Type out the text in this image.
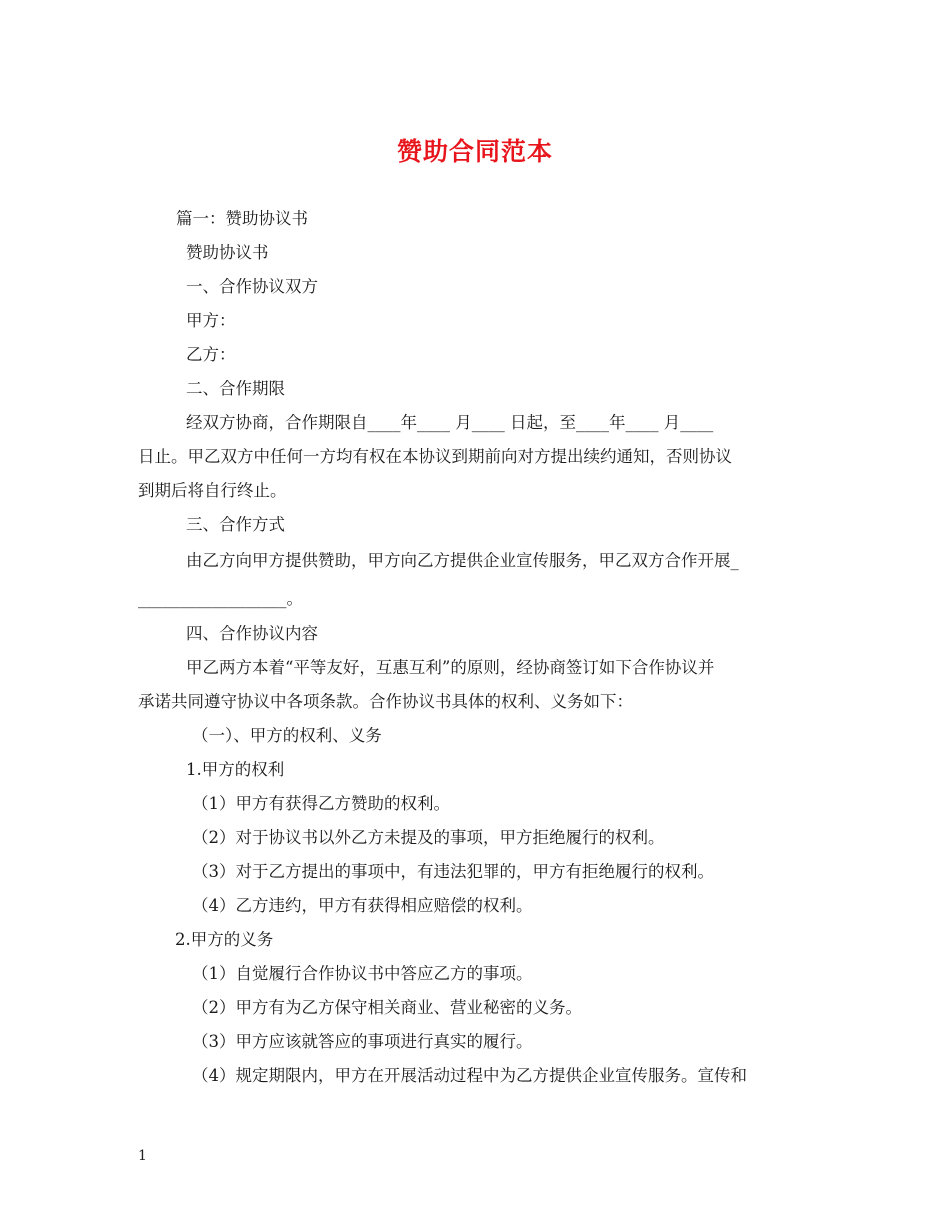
赞助合同范本
篇一：赞助协议书
赞助协议书
一、合作协议双方
甲方：
乙方：
二、合作期限
经双方协商，合作期限自____年____ 月____ 日起，至____年____ 月____
日止。甲乙双方中任何一方均有权在本协议到期前向对方提出续约通知，否则协议
到期后将自行终止。
三、合作方式
由乙方向甲方提供赞助，甲方向乙方提供企业宣传服务，甲乙双方合作开展_
__________________。
四、合作协议内容
甲乙两方本着“平等友好，互惠互利”的原则，经协商签订如下合作协议并
承诺共同遵守协议中各项条款。合作协议书具体的权利、义务如下：
（一）、甲方的权利、义务
1.甲方的权利
（1）甲方有获得乙方赞助的权利。
（2）对于协议书以外乙方未提及的事项，甲方拒绝履行的权利。
（3）对于乙方提出的事项中，有违法犯罪的，甲方有拒绝履行的权利。
（4）乙方违约，甲方有获得相应赔偿的权利。
2.甲方的义务
（1）自觉履行合作协议书中答应乙方的事项。
（2）甲方有为乙方保守相关商业、营业秘密的义务。
（3）甲方应该就答应的事项进行真实的履行。
（4）规定期限内，甲方在开展活动过程中为乙方提供企业宣传服务。宣传和
1
